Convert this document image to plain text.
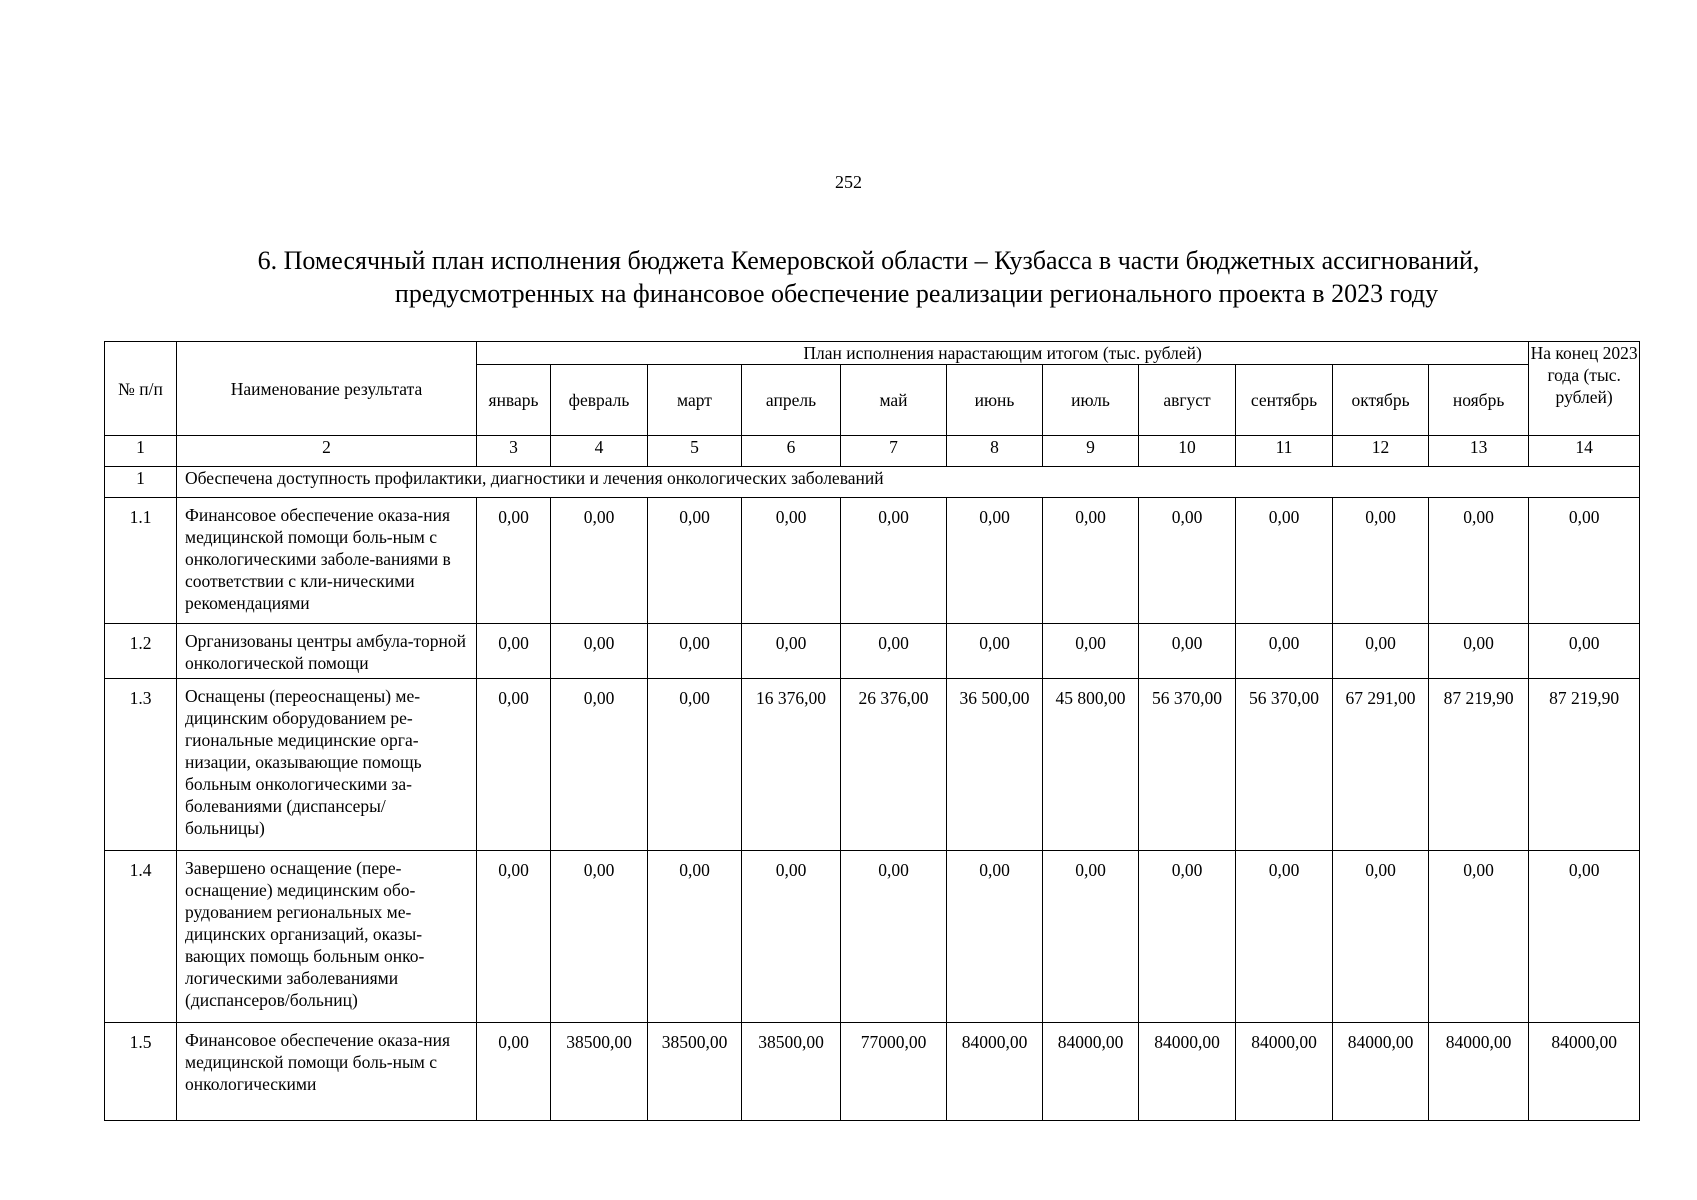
252
6. Помесячный план исполнения бюджета Кемеровской области – Кузбасса в части бюджетных ассигнований,
предусмотренных на финансовое обеспечение реализации регионального проекта в 2023 году
№ п/п	Наименование результата	План исполнения нарастающим итогом (тыс. рублей)											На конец 2023 года (тыс. рублей)
		январь	февраль	март	апрель	май	июнь	июль	август	сентябрь	октябрь	ноябрь	
1	2	3	4	5	6	7	8	9	10	11	12	13	14
1	Обеспечена доступность профилактики, диагностики и лечения онкологических заболеваний												
1.1	Финансовое обеспечение оказа-ния медицинской помощи боль-ным с онкологическими заболе-ваниями в соответствии с кли-ническими рекомендациями	0,00	0,00	0,00	0,00	0,00	0,00	0,00	0,00	0,00	0,00	0,00	0,00
1.2	Организованы центры амбула-торной онкологической помощи	0,00	0,00	0,00	0,00	0,00	0,00	0,00	0,00	0,00	0,00	0,00	0,00
1.3	Оснащены (переоснащены) ме-дицинским оборудованием ре-гиональные медицинские орга-низации, оказывающие помощь больным онкологическими за-болеваниями (диспансеры/ больницы)	0,00	0,00	0,00	16 376,00	26 376,00	36 500,00	45 800,00	56 370,00	56 370,00	67 291,00	87 219,90	87 219,90
1.4	Завершено оснащение (пере-оснащение) медицинским обо-рудованием региональных ме-дицинских организаций, оказы-вающих помощь больным онко-логическими заболеваниями (диспансеров/больниц)	0,00	0,00	0,00	0,00	0,00	0,00	0,00	0,00	0,00	0,00	0,00	0,00
1.5	Финансовое обеспечение оказа-ния медицинской помощи боль-ным с онкологическими	0,00	38500,00	38500,00	38500,00	77000,00	84000,00	84000,00	84000,00	84000,00	84000,00	84000,00	84000,00
